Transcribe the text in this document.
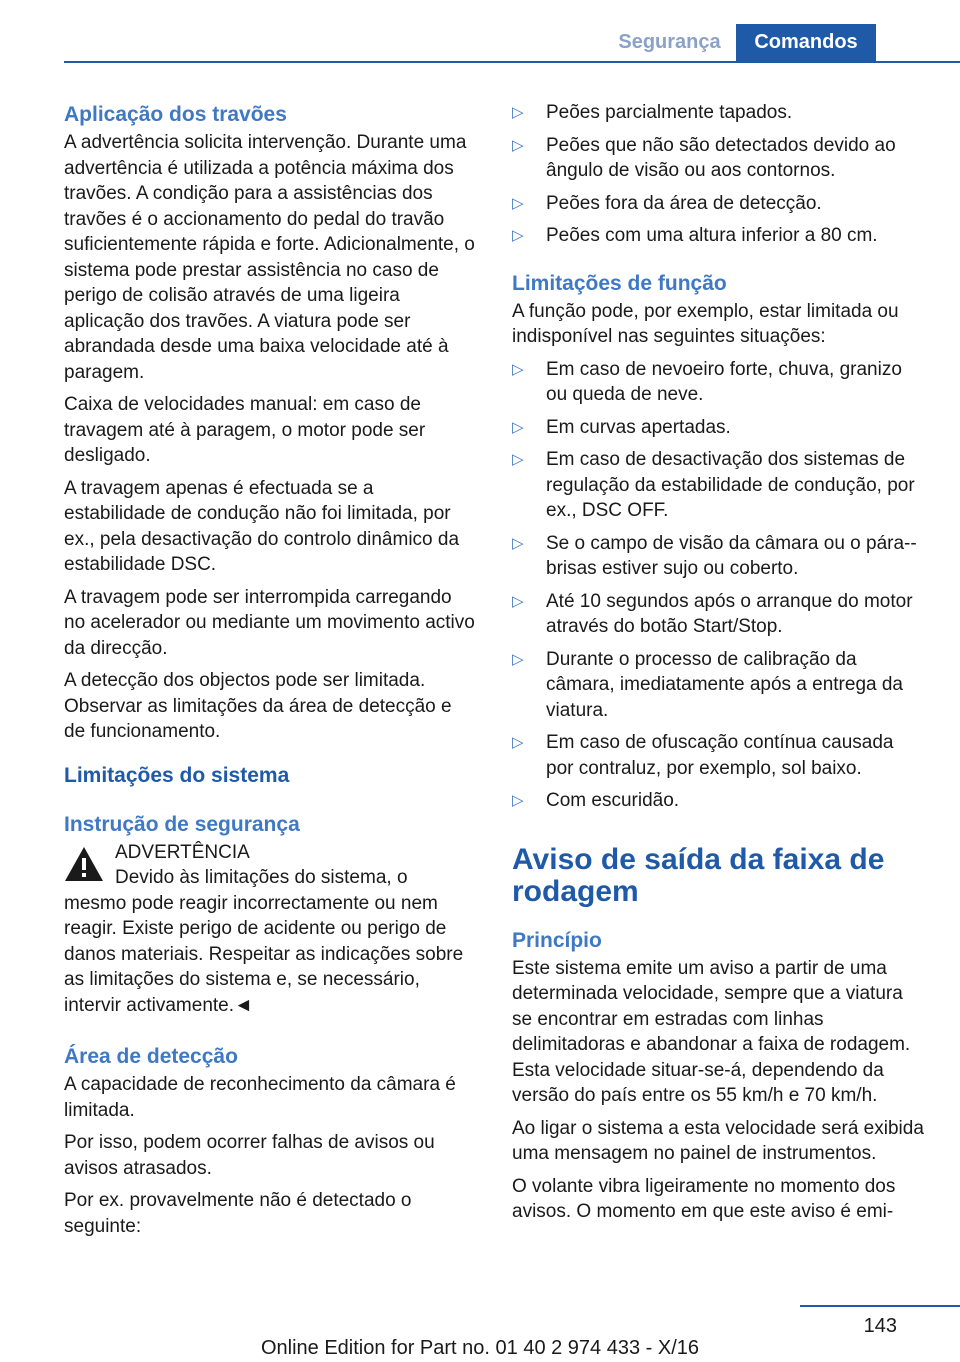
Segurança	Comandos
Aplicação dos travões

A advertência solicita intervenção. Durante uma advertência é utilizada a potência máxima dos travões. A condição para a assistências dos travões é o accionamento do pedal do travão suficientemente rápida e forte. Adicionalmente, o sistema pode prestar assistência no caso de perigo de colisão através de uma ligeira aplicação dos travões. A viatura pode ser abrandada desde uma baixa velocidade até à paragem.

Caixa de velocidades manual: em caso de travagem até à paragem, o motor pode ser desligado.

A travagem apenas é efectuada se a estabilidade de condução não foi limitada, por ex., pela desactivação do controlo dinâmico da estabilidade DSC.

A travagem pode ser interrompida carregando no acelerador ou mediante um movimento activo da direcção.

A detecção dos objectos pode ser limitada. Observar as limitações da área de detecção e de funcionamento.

Limitações do sistema
Instrução de segurança

ADVERTÊNCIA

Devido às limitações do sistema, o

mesmo pode reagir incorrectamente ou nem reagir. Existe perigo de acidente ou perigo de danos materiais. Respeitar as indicações sobre as limitações do sistema e, se necessário, intervir activamente.◄

Área de detecção

A capacidade de reconhecimento da câmara é limitada.

Por isso, podem ocorrer falhas de avisos ou avisos atrasados.

Por ex. provavelmente não é detectado o seguinte:

▷ Peões parcialmente tapados.
▷ Peões que não são detectados devido ao ângulo de visão ou aos contornos.
▷ Peões fora da área de detecção.
▷ Peões com uma altura inferior a 80 cm.
Limitações de função

A função pode, por exemplo, estar limitada ou indisponível nas seguintes situações:

▷ Em caso de nevoeiro forte, chuva, granizo ou queda de neve.
▷ Em curvas apertadas.
▷ Em caso de desactivação dos sistemas de regulação da estabilidade de condução, por ex., DSC OFF.
▷ Se o campo de visão da câmara ou o pára--brisas estiver sujo ou coberto.
▷ Até 10 segundos após o arranque do motor através do botão Start/Stop.
▷ Durante o processo de calibração da câmara, imediatamente após a entrega da viatura.
▷ Em caso de ofuscação contínua causada por contraluz, por exemplo, sol baixo.
▷ Com escuridão.
Aviso de saída da faixa de rodagem
Princípio

Este sistema emite um aviso a partir de uma determinada velocidade, sempre que a viatura se encontrar em estradas com linhas delimitadoras e abandonar a faixa de rodagem. Esta velocidade situar-se-á, dependendo da versão do país entre os 55 km/h e 70 km/h.

Ao ligar o sistema a esta velocidade será exibida uma mensagem no painel de instrumentos.

O volante vibra ligeiramente no momento dos avisos. O momento em que este aviso é emi-

143
Online Edition for Part no. 01 40 2 974 433 - X/16
